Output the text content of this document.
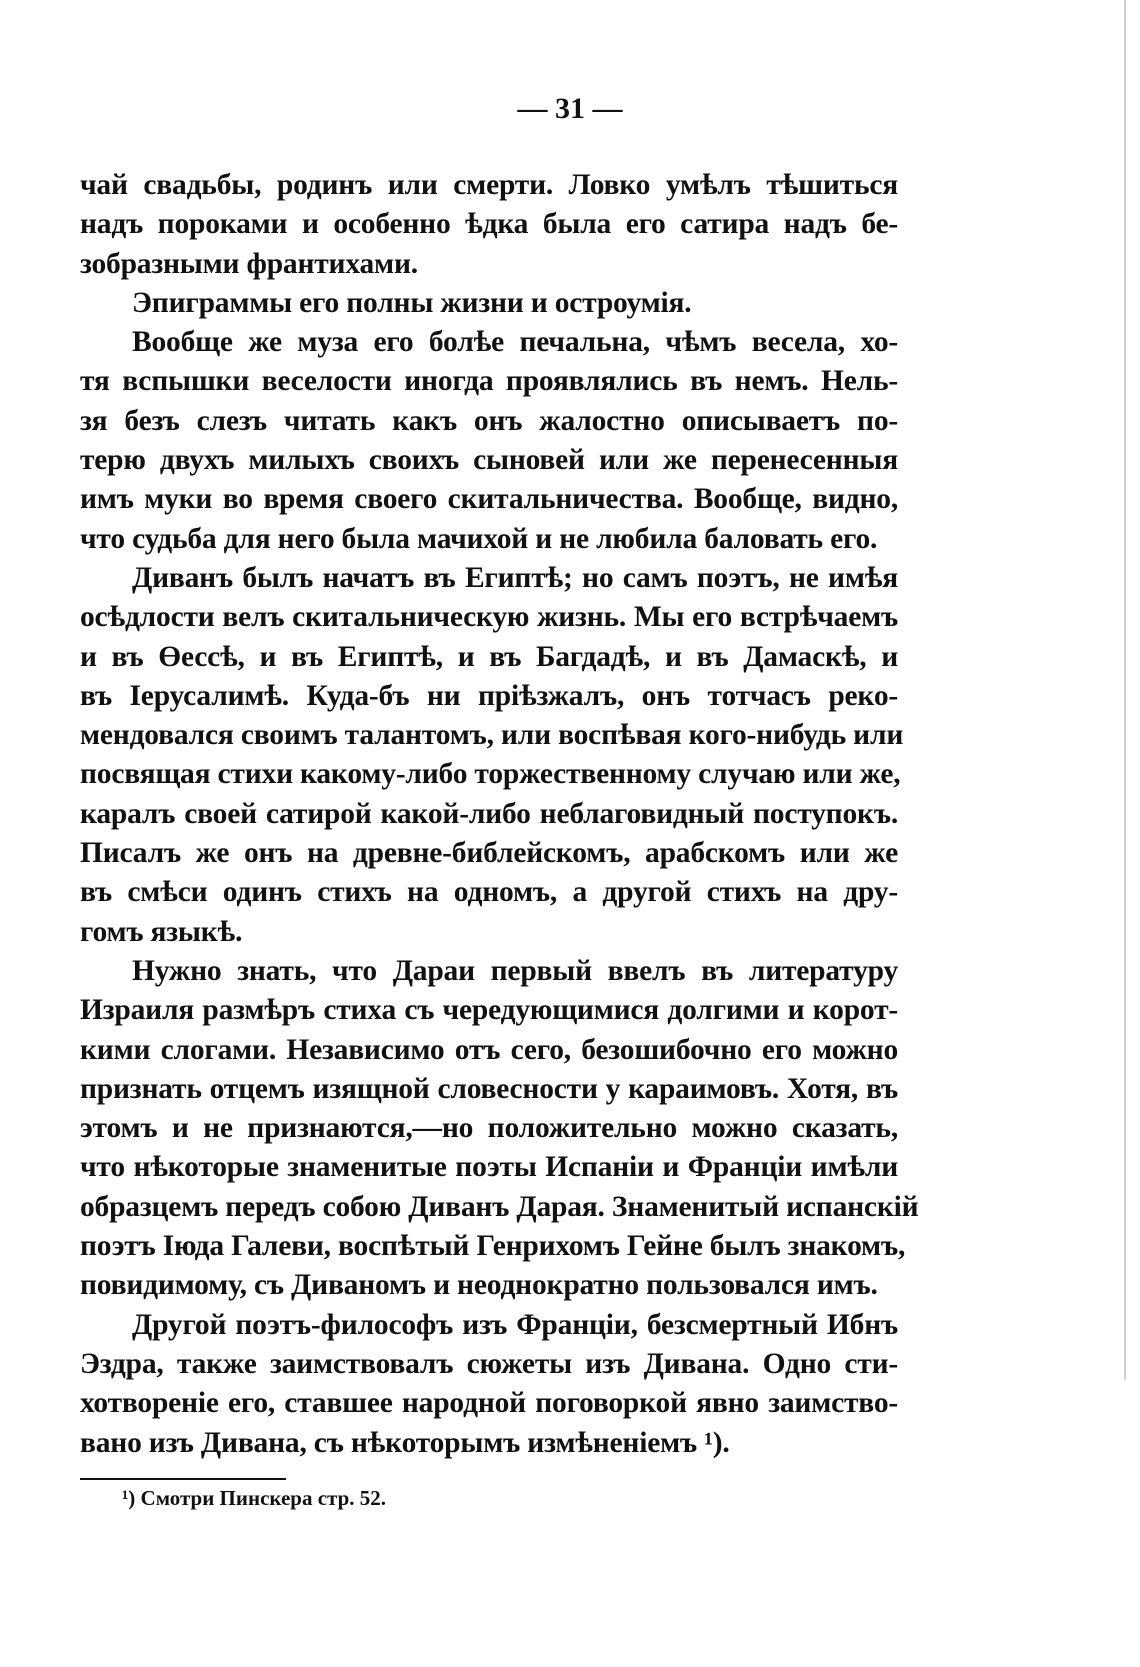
— 31 —
чай свадьбы, родинъ или смерти. Ловко умѣлъ тѣшиться
надъ пороками и особенно ѣдка была его сатира надъ бе-
зобразными франтихами.
Эпиграммы его полны жизни и остроумія.
Вообще же муза его болѣе печальна, чѣмъ весела, хо-
тя вспышки веселости иногда проявлялись въ немъ. Нель-
зя безъ слезъ читать какъ онъ жалостно описываетъ по-
терю двухъ милыхъ своихъ сыновей или же перенесенныя
имъ муки во время своего скитальничества. Вообще, видно,
что судьба для него была мачихой и не любила баловать его.
Диванъ былъ начатъ въ Египтѣ; но самъ поэтъ, не имѣя
осѣдлости велъ скитальническую жизнь. Мы его встрѣчаемъ
и въ Өессѣ, и въ Египтѣ, и въ Багдадѣ, и въ Дамаскѣ, и
въ Іерусалимѣ. Куда-бъ ни пріѣзжалъ, онъ тотчасъ реко-
мендовался своимъ талантомъ, или воспѣвая кого-нибудь или
посвящая стихи какому-либо торжественному случаю или же,
каралъ своей сатирой какой-либо неблаговидный поступокъ.
Писалъ же онъ на древне-библейскомъ, арабскомъ или же
въ смѣси одинъ стихъ на одномъ, а другой стихъ на дру-
гомъ языкѣ.
Нужно знать, что Дараи первый ввелъ въ литературу
Израиля размѣръ стиха съ чередующимися долгими и корот-
кими слогами. Независимо отъ сего, безошибочно его можно
признать отцемъ изящной словесности у караимовъ. Хотя, въ
этомъ и не признаются,—но положительно можно сказать,
что нѣкоторые знаменитые поэты Испаніи и Франціи имѣли
образцемъ передъ собою Диванъ Дарая. Знаменитый испанскій
поэтъ Іюда Галеви, воспѣтый Генрихомъ Гейне былъ знакомъ,
повидимому, съ Диваномъ и неоднократно пользовался имъ.
Другой поэтъ-философъ изъ Франціи, безсмертный Ибнъ
Эздра, также заимствовалъ сюжеты изъ Дивана. Одно сти-
хотвореніе его, ставшее народной поговоркой явно заимство-
вано изъ Дивана, съ нѣкоторымъ измѣненіемъ ¹).
¹) Смотри Пинскера стр. 52.
